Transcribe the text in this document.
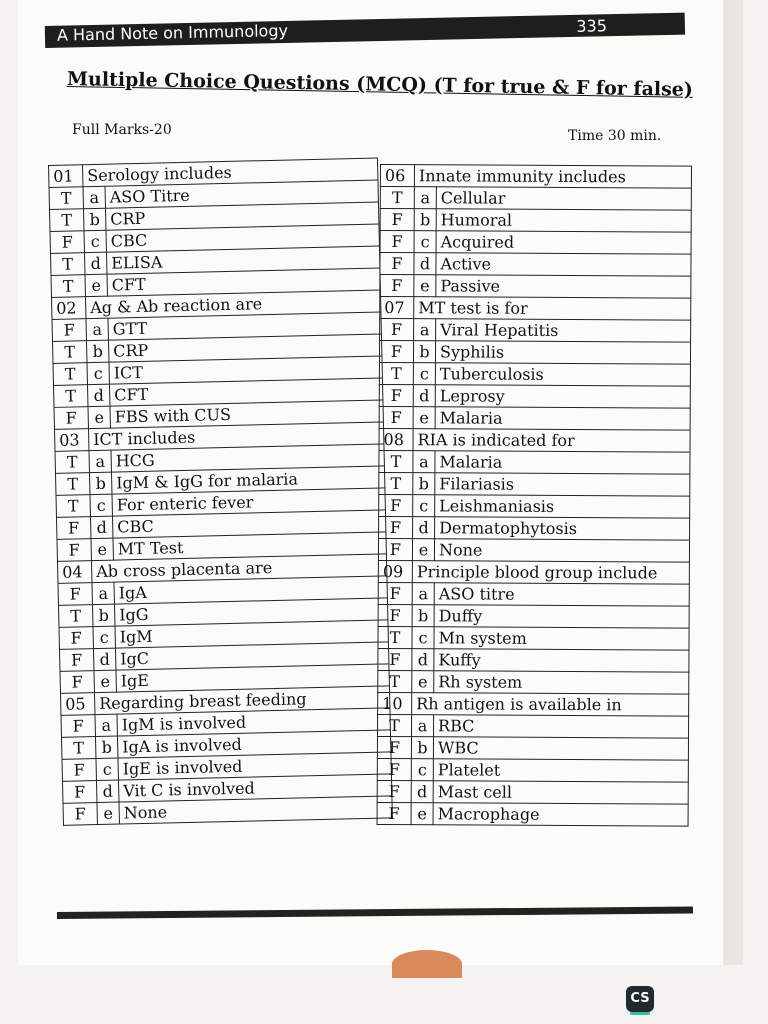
A Hand Note on Immunology	335
Multiple Choice Questions (MCQ) (T for true & F for false)
Full Marks-20	Time 30 min.
01	Serology includes	
T	a	ASO Titre
T	b	CRP
F	c	CBC
T	d	ELISA
T	e	CFT
02	Ag & Ab reaction are	
F	a	GTT
T	b	CRP
T	c	ICT
T	d	CFT
F	e	FBS with CUS
03	ICT includes	
T	a	HCG
T	b	IgM & IgG for malaria
T	c	For enteric fever
F	d	CBC
F	e	MT Test
04	Ab cross placenta are	
F	a	IgA
T	b	IgG
F	c	IgM
F	d	IgC
F	e	IgE
05	Regarding breast feeding	
F	a	IgM is involved
T	b	IgA is involved
F	c	IgE is involved
F	d	Vit C is involved
F	e	None
06	Innate immunity includes	
T	a	Cellular
F	b	Humoral
F	c	Acquired
F	d	Active
F	e	Passive
07	MT test is for	
F	a	Viral Hepatitis
F	b	Syphilis
T	c	Tuberculosis
F	d	Leprosy
F	e	Malaria
08	RIA is indicated for	
T	a	Malaria
T	b	Filariasis
F	c	Leishmaniasis
F	d	Dermatophytosis
F	e	None
09	Principle blood group include	
F	a	ASO titre
F	b	Duffy
T	c	Mn system
F	d	Kuffy
T	e	Rh system
10	Rh antigen is available in	
T	a	RBC
F	b	WBC
F	c	Platelet
F	d	Mast cell
F	e	Macrophage
CS
